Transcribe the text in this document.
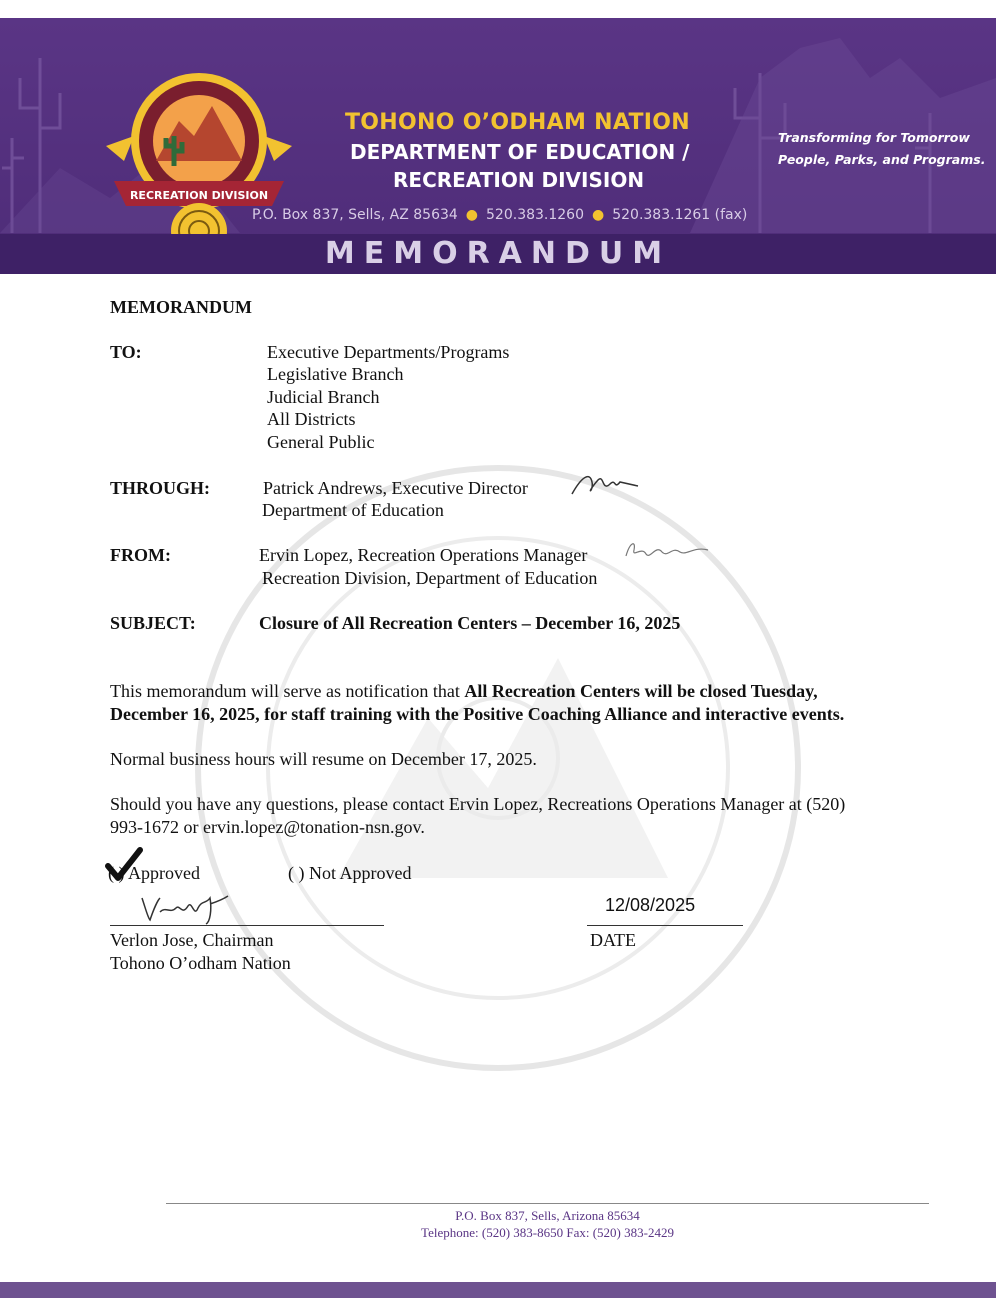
RECREATION DIVISION
TOHONO O’ODHAM NATION
DEPARTMENT OF EDUCATION /
RECREATION DIVISION
P.O. Box 837, Sells, AZ 85634 ● 520.383.1260 ● 520.383.1261 (fax)
Transforming for Tomorrow
People, Parks, and Programs.
MEMORANDUM
MEMORANDUM
TO:	Executive Departments/Programs
Legislative Branch
Judicial Branch
All Districts
General Public
THROUGH:	Patrick Andrews, Executive Director
Department of Education
FROM:	Ervin Lopez, Recreation Operations Manager
Recreation Division, Department of Education
SUBJECT:	Closure of All Recreation Centers – December 16, 2025
This memorandum will serve as notification that All Recreation Centers will be closed Tuesday,
December 16, 2025, for staff training with the Positive Coaching Alliance and interactive events.
Normal business hours will resume on December 17, 2025.
Should you have any questions, please contact Ervin Lopez, Recreations Operations Manager at (520)
993-1672 or ervin.lopez@tonation-nsn.gov.
( ) Approved	( ) Not Approved
12/08/2025
Verlon Jose, Chairman
Tohono O’odham Nation
DATE
P.O. Box 837, Sells, Arizona 85634
Telephone: (520) 383-8650 Fax: (520) 383-2429
